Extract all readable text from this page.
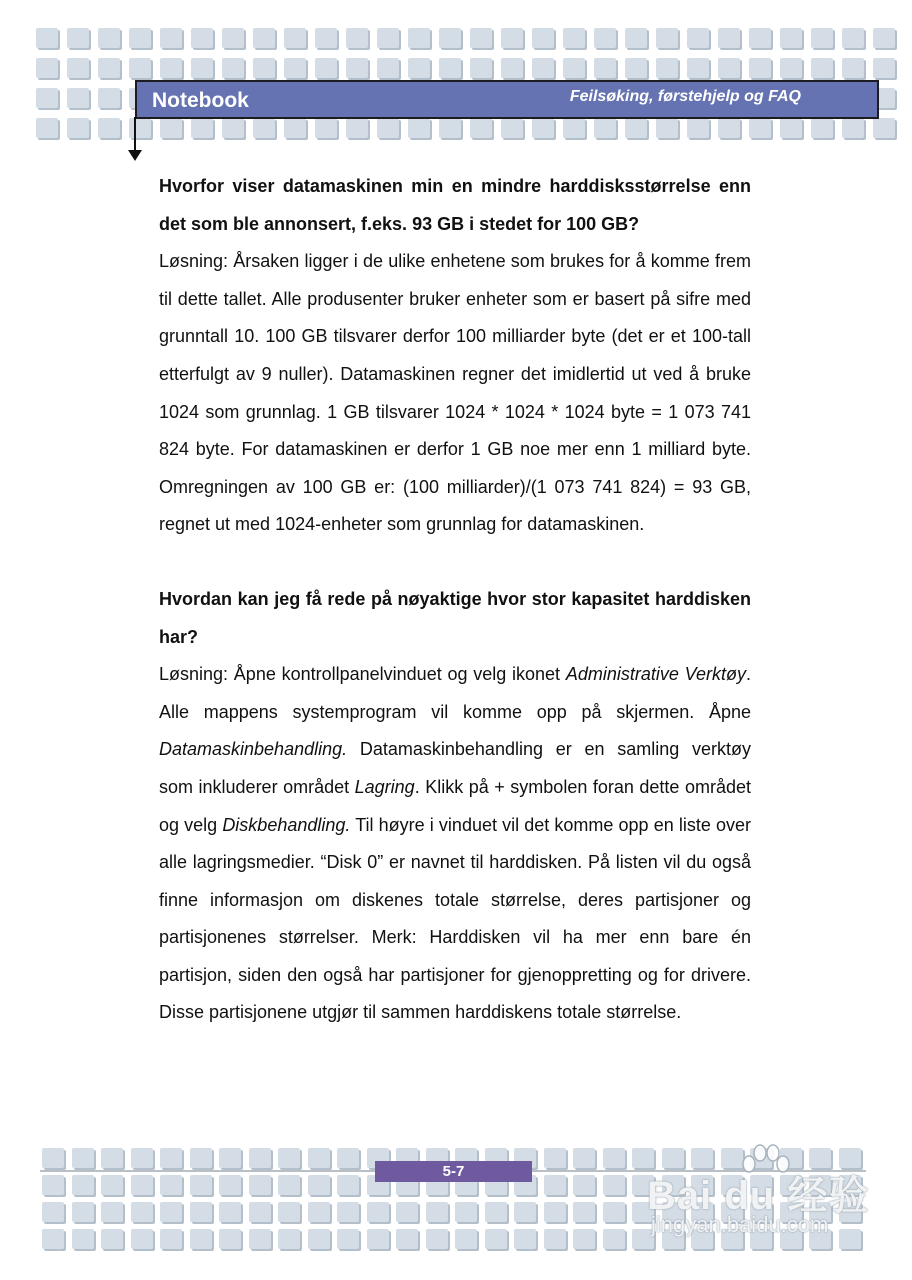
Notebook	Feilsøking, førstehjelp og FAQ

Hvorfor viser datamaskinen min en mindre harddisksstørrelse enn det som ble annonsert, f.eks. 93 GB i stedet for 100 GB?

Løsning: Årsaken ligger i de ulike enhetene som brukes for å komme frem til dette tallet. Alle produsenter bruker enheter som er basert på sifre med grunntall 10. 100 GB tilsvarer derfor 100 milliarder byte (det er et 100-tall etterfulgt av 9 nuller). Datamaskinen regner det imidlertid ut ved å bruke 1024 som grunnlag. 1 GB tilsvarer 1024 * 1024 * 1024 byte = 1 073 741 824 byte. For datamaskinen er derfor 1 GB noe mer enn 1 milliard byte. Omregningen av 100 GB er: (100 milliarder)/(1 073 741 824) = 93 GB, regnet ut med 1024-enheter som grunnlag for datamaskinen.

Hvordan kan jeg få rede på nøyaktige hvor stor kapasitet harddisken har?

Løsning: Åpne kontrollpanelvinduet og velg ikonet Administrative Verktøy. Alle mappens systemprogram vil komme opp på skjermen. Åpne Datamaskinbehandling. Datamaskinbehandling er en samling verktøy som inkluderer området Lagring. Klikk på + symbolen foran dette området og velg Diskbehandling. Til høyre i vinduet vil det komme opp en liste over alle lagringsmedier. “Disk 0” er navnet til harddisken. På listen vil du også finne informasjon om diskenes totale størrelse, deres partisjoner og partisjonenes størrelser. Merk: Harddisken vil ha mer enn bare én partisjon, siden den også har partisjoner for gjenoppretting og for drivere. Disse partisjonene utgjør til sammen harddiskens totale størrelse.

5-7
Bai du 经验
jingyan.baidu.com
